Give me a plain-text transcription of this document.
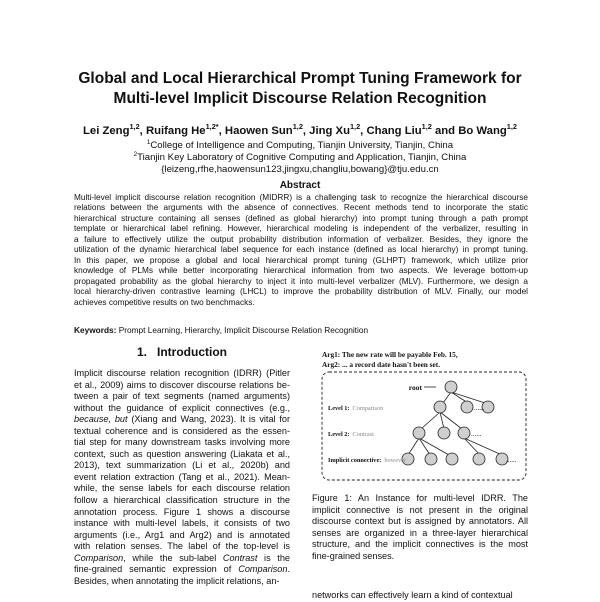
Global and Local Hierarchical Prompt Tuning Framework for
Multi-level Implicit Discourse Relation Recognition
Lei Zeng$^{1,2}$, Ruifang $He^{1,2*}$, Haowen Sun$^{1,2}$, Jing Xu$^{1,2}$, Chang Liu$^{1,2}$ and Bo Wang$^{1,2}$
$^1$College of Intelligence and Computing, Tianjin University, Tianjin, China
$^2$Tianjin Key Laboratory of Cognitive Computing and Application, Tianjin, China
{leizeng,rfhe,haowensun123,jingxu,changliu,bowang}@tju.edu.cn
Abstract
Multi-level implicit discourse relation recognition (MIDRR) is a challenging task to recognize the hierarchical discourse
relations between the arguments with the absence of connectives. Recent methods tend to incorporate the static
hierarchical structure containing all senses (defined as global hierarchy) into prompt tuning through a path prompt
template or hierarchical label refining. However, hierarchical modeling is independent of the verbalizer, resulting in
a failure to effectively utilize the output probability distribution information of verbalizer. Besides, they ignore the
utilization of the dynamic hierarchical label sequence for each instance (defined as local hierarchy) in prompt tuning.
In this paper, we propose a global and local hierarchical prompt tuning (GLHPT) framework, which utilize prior
knowledge of PLMs while better incorporating hierarchical information from two aspects. We leverage bottom-up
propagated probability as the global hierarchy to inject it into multi-level verbalizer (MLV). Furthermore, we design a
local hierarchy-driven contrastive learning (LHCL) to improve the probability distribution of MLV. Finally, our model
achieves competitive results on two benchmacks.
Keywords: Prompt Learning, Hierarchy, Implicit Discourse Relation Recognition
1. Introduction
Implicit discourse relation recognition (IDRR) (Pitler
et al., 2009) aims to discover discourse relations be-
tween a pair of text segments (named arguments)
without the guidance of explicit connectives (e.g.,
because, but (Xiang and Wang, 2023). It is vital for
textual coherence and is considered as the essen-
tial step for many downstream tasks involving more
context, such as question answering (Liakata et al.,
2013), text summarization (Li et al., 2020b) and
event relation extraction (Tang et al., 2021). Mean-
while, the sense labels for each discourse relation
follow a hierarchical classification structure in the
annotation process. Figure 1 shows a discourse
instance with multi-level labels, it consists of two
arguments (i.e., Arg1 and Arg2) and is annotated
with relation senses. The label of the top-level is
Comparison, while the sub-label Contrast is the
fine-grained semantic expression of Comparison.
Besides, when annotating the implicit relations, an-
Arg1: The new rate will be payable Feb. 15,
Arg2: ... a record date hasn't been set.
root
......
......
......
Level 1: Comparison
Level 2: Contrast
Implicit connective: however
Figure 1: An Instance for multi-level IDRR. The
implicit connective is not present in the original
discourse context but is assigned by annotators. All
senses are organized in a three-layer hierarchical
structure, and the implicit connectives is the most
fine-grained senses.
networks can effectively learn a kind of contextual
